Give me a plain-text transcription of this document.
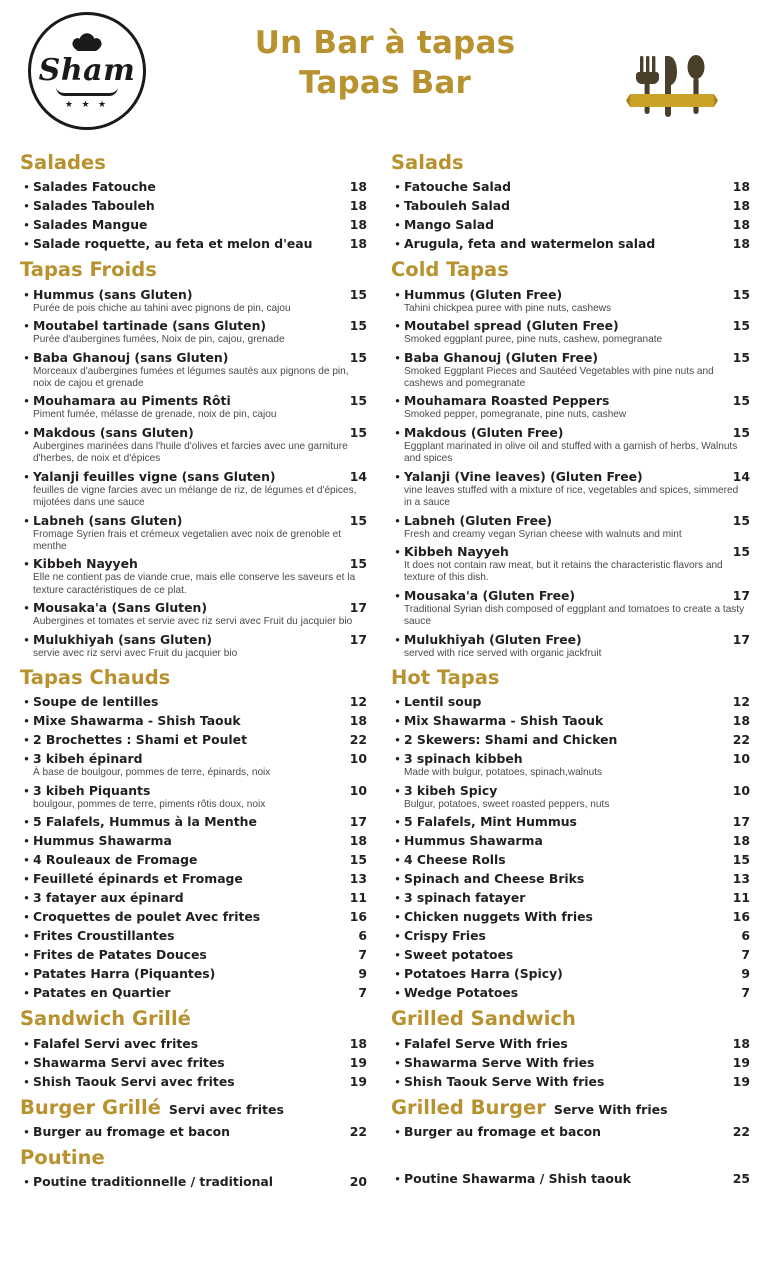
Sham
★ ★ ★
Un Bar à tapas
Tapas Bar
Salades
• Salades Fatouche	18
• Salades Tabouleh	18
• Salades Mangue	18
• Salade roquette, au feta et melon d'eau	18
Tapas Froids
• Hummus (sans Gluten)	15
Purée de pois chiche au tahini avec pignons de pin, cajou
• Moutabel tartinade (sans Gluten)	15
Purée d'aubergines fumées, Noix de pin, cajou, grenade
• Baba Ghanouj (sans Gluten)	15
Morceaux d'aubergines fumées et légumes sautés aux pignons de pin, noix de cajou et grenade
• Mouhamara au Piments Rôti	15
Piment fumée, mélasse de grenade, noix de pin, cajou
• Makdous (sans Gluten)	15
Aubergines marinées dans l'huile d'olives et farcies avec une garniture d'herbes, de noix et d'épices
• Yalanji feuilles vigne (sans Gluten)	14
feuilles de vigne farcies avec un mélange de riz, de légumes et d'épices, mijotées dans une sauce
• Labneh (sans Gluten)	15
Fromage Syrien frais et crémeux vegetalien avec noix de grenoble et menthe
• Kibbeh Nayyeh	15
Elle ne contient pas de viande crue, mais elle conserve les saveurs et la texture caractéristiques de ce plat.
• Mousaka'a (Sans Gluten)	17
Aubergines et tomates et servie avec riz servi avec Fruit du jacquier bio
• Mulukhiyah (sans Gluten)	17
servie avec riz servi avec Fruit du jacquier bio
Tapas Chauds
• Soupe de lentilles	12
• Mixe Shawarma - Shish Taouk	18
• 2 Brochettes : Shami et Poulet	22
• 3 kibeh épinard	10
À base de boulgour, pommes de terre, épinards, noix
• 3 kibeh Piquants	10
boulgour, pommes de terre, piments rôtis doux, noix
• 5 Falafels, Hummus à la Menthe	17
• Hummus Shawarma	18
• 4 Rouleaux de Fromage	15
• Feuilleté épinards et Fromage	13
• 3 fatayer aux épinard	11
• Croquettes de poulet Avec frites	16
• Frites Croustillantes	6
• Frites de Patates Douces	7
• Patates Harra (Piquantes)	9
• Patates en Quartier	7
Sandwich Grillé
• Falafel Servi avec frites	18
• Shawarma Servi avec frites	19
• Shish Taouk Servi avec frites	19
Burger Grillé Servi avec frites
• Burger au fromage et bacon	22
Poutine
• Poutine traditionnelle / traditional	20
Salads
• Fatouche Salad	18
• Tabouleh Salad	18
• Mango Salad	18
• Arugula, feta and watermelon salad	18
Cold Tapas
• Hummus (Gluten Free)	15
Tahini chickpea puree with pine nuts, cashews
• Moutabel spread (Gluten Free)	15
Smoked eggplant puree, pine nuts, cashew, pomegranate
• Baba Ghanouj (Gluten Free)	15
Smoked Eggplant Pieces and Sautéed Vegetables with pine nuts and cashews and pomegranate
• Mouhamara Roasted Peppers	15
Smoked pepper, pomegranate, pine nuts, cashew
• Makdous (Gluten Free)	15
Eggplant marinated in olive oil and stuffed with a garnish of herbs, Walnuts and spices
• Yalanji (Vine leaves) (Gluten Free)	14
vine leaves stuffed with a mixture of rice, vegetables and spices, simmered in a sauce
• Labneh (Gluten Free)	15
Fresh and creamy vegan Syrian cheese with walnuts and mint
• Kibbeh Nayyeh	15
It does not contain raw meat, but it retains the characteristic flavors and texture of this dish.
• Mousaka'a (Gluten Free)	17
Traditional Syrian dish composed of eggplant and tomatoes to create a tasty sauce
• Mulukhiyah (Gluten Free)	17
served with rice served with organic jackfruit
Hot Tapas
• Lentil soup	12
• Mix Shawarma - Shish Taouk	18
• 2 Skewers: Shami and Chicken	22
• 3 spinach kibbeh	10
Made with bulgur, potatoes, spinach,walnuts
• 3 kibeh Spicy	10
Bulgur, potatoes, sweet roasted peppers, nuts
• 5 Falafels, Mint Hummus	17
• Hummus Shawarma	18
• 4 Cheese Rolls	15
• Spinach and Cheese Briks	13
• 3 spinach fatayer	11
• Chicken nuggets With fries	16
• Crispy Fries	6
• Sweet potatoes	7
• Potatoes Harra (Spicy)	9
• Wedge Potatoes	7
Grilled Sandwich
• Falafel Serve With fries	18
• Shawarma Serve With fries	19
• Shish Taouk Serve With fries	19
Grilled Burger Serve With fries
• Burger au fromage et bacon	22
• Poutine Shawarma / Shish taouk	25
